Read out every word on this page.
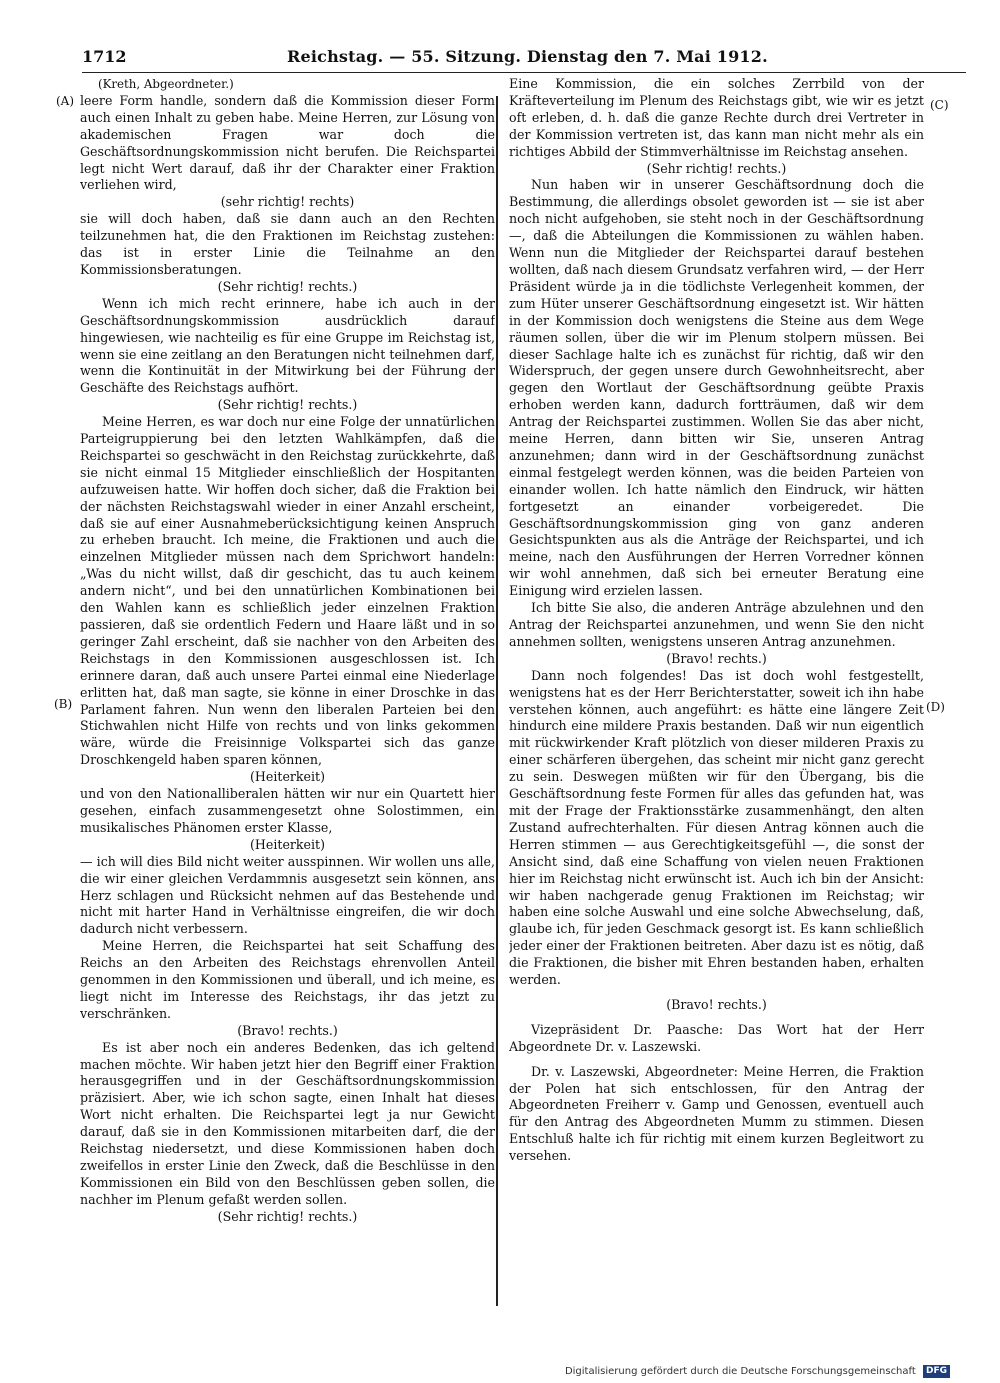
1712	Reichstag. — 55. Sitzung. Dienstag den 7. Mai 1912.
(A)
(B)
(C)
(D)

(Kreth, Abgeordneter.)

leere Form handle, sondern daß die Kommission dieser Form auch einen Inhalt zu geben habe. Meine Herren, zur Lösung von akademischen Fragen war doch die Geschäftsordnungskommission nicht berufen. Die Reichspartei legt nicht Wert darauf, daß ihr der Charakter einer Fraktion verliehen wird,

(sehr richtig! rechts)

sie will doch haben, daß sie dann auch an den Rechten teilzunehmen hat, die den Fraktionen im Reichstag zustehen: das ist in erster Linie die Teilnahme an den Kommissionsberatungen.

(Sehr richtig! rechts.)

Wenn ich mich recht erinnere, habe ich auch in der Geschäftsordnungskommission ausdrücklich darauf hingewiesen, wie nachteilig es für eine Gruppe im Reichstag ist, wenn sie eine zeitlang an den Beratungen nicht teilnehmen darf, wenn die Kontinuität in der Mitwirkung bei der Führung der Geschäfte des Reichstags aufhört.

(Sehr richtig! rechts.)

Meine Herren, es war doch nur eine Folge der unnatürlichen Parteigruppierung bei den letzten Wahlkämpfen, daß die Reichspartei so geschwächt in den Reichstag zurückkehrte, daß sie nicht einmal 15 Mitglieder einschließlich der Hospitanten aufzuweisen hatte. Wir hoffen doch sicher, daß die Fraktion bei der nächsten Reichstagswahl wieder in einer Anzahl erscheint, daß sie auf einer Ausnahmeberücksichtigung keinen Anspruch zu erheben braucht. Ich meine, die Fraktionen und auch die einzelnen Mitglieder müssen nach dem Sprichwort handeln: „Was du nicht willst, daß dir geschicht, das tu auch keinem andern nicht“, und bei den unnatürlichen Kombinationen bei den Wahlen kann es schließlich jeder einzelnen Fraktion passieren, daß sie ordentlich Federn und Haare läßt und in so geringer Zahl erscheint, daß sie nachher von den Arbeiten des Reichstags in den Kommissionen ausgeschlossen ist. Ich erinnere daran, daß auch unsere Partei einmal eine Niederlage erlitten hat, daß man sagte, sie könne in einer Droschke in das Parlament fahren. Nun wenn den liberalen Parteien bei den Stichwahlen nicht Hilfe von rechts und von links gekommen wäre, würde die Freisinnige Volkspartei sich das ganze Droschkengeld haben sparen können,

(Heiterkeit)

und von den Nationalliberalen hätten wir nur ein Quartett hier gesehen, einfach zusammengesetzt ohne Solostimmen, ein musikalisches Phänomen erster Klasse,

(Heiterkeit)

— ich will dies Bild nicht weiter ausspinnen. Wir wollen uns alle, die wir einer gleichen Verdammnis ausgesetzt sein können, ans Herz schlagen und Rücksicht nehmen auf das Bestehende und nicht mit harter Hand in Verhältnisse eingreifen, die wir doch dadurch nicht verbessern.

Meine Herren, die Reichspartei hat seit Schaffung des Reichs an den Arbeiten des Reichstags ehrenvollen Anteil genommen in den Kommissionen und überall, und ich meine, es liegt nicht im Interesse des Reichstags, ihr das jetzt zu verschränken.

(Bravo! rechts.)

Es ist aber noch ein anderes Bedenken, das ich geltend machen möchte. Wir haben jetzt hier den Begriff einer Fraktion herausgegriffen und in der Geschäftsordnungskommission präzisiert. Aber, wie ich schon sagte, einen Inhalt hat dieses Wort nicht erhalten. Die Reichspartei legt ja nur Gewicht darauf, daß sie in den Kommissionen mitarbeiten darf, die der Reichstag niedersetzt, und diese Kommissionen haben doch zweifellos in erster Linie den Zweck, daß die Beschlüsse in den Kommissionen ein Bild von den Beschlüssen geben sollen, die nachher im Plenum gefaßt werden sollen.

(Sehr richtig! rechts.)

Eine Kommission, die ein solches Zerrbild von der Kräfteverteilung im Plenum des Reichstags gibt, wie wir es jetzt oft erleben, d. h. daß die ganze Rechte durch drei Vertreter in der Kommission vertreten ist, das kann man nicht mehr als ein richtiges Abbild der Stimmverhältnisse im Reichstag ansehen.

(Sehr richtig! rechts.)

Nun haben wir in unserer Geschäftsordnung doch die Bestimmung, die allerdings obsolet geworden ist — sie ist aber noch nicht aufgehoben, sie steht noch in der Geschäftsordnung —, daß die Abteilungen die Kommissionen zu wählen haben. Wenn nun die Mitglieder der Reichspartei darauf bestehen wollten, daß nach diesem Grundsatz verfahren wird, — der Herr Präsident würde ja in die tödlichste Verlegenheit kommen, der zum Hüter unserer Geschäftsordnung eingesetzt ist. Wir hätten in der Kommission doch wenigstens die Steine aus dem Wege räumen sollen, über die wir im Plenum stolpern müssen. Bei dieser Sachlage halte ich es zunächst für richtig, daß wir den Widerspruch, der gegen unsere durch Gewohnheitsrecht, aber gegen den Wortlaut der Geschäftsordnung geübte Praxis erhoben werden kann, dadurch fortträumen, daß wir dem Antrag der Reichspartei zustimmen. Wollen Sie das aber nicht, meine Herren, dann bitten wir Sie, unseren Antrag anzunehmen; dann wird in der Geschäftsordnung zunächst einmal festgelegt werden können, was die beiden Parteien von einander wollen. Ich hatte nämlich den Eindruck, wir hätten fortgesetzt an einander vorbeigeredet. Die Geschäftsordnungskommission ging von ganz anderen Gesichtspunkten aus als die Anträge der Reichspartei, und ich meine, nach den Ausführungen der Herren Vorredner können wir wohl annehmen, daß sich bei erneuter Beratung eine Einigung wird erzielen lassen.

Ich bitte Sie also, die anderen Anträge abzulehnen und den Antrag der Reichspartei anzunehmen, und wenn Sie den nicht annehmen sollten, wenigstens unseren Antrag anzunehmen.

(Bravo! rechts.)

Dann noch folgendes! Das ist doch wohl festgestellt, wenigstens hat es der Herr Berichterstatter, soweit ich ihn habe verstehen können, auch angeführt: es hätte eine längere Zeit hindurch eine mildere Praxis bestanden. Daß wir nun eigentlich mit rückwirkender Kraft plötzlich von dieser milderen Praxis zu einer schärferen übergehen, das scheint mir nicht ganz gerecht zu sein. Deswegen müßten wir für den Übergang, bis die Geschäftsordnung feste Formen für alles das gefunden hat, was mit der Frage der Fraktionsstärke zusammenhängt, den alten Zustand aufrechterhalten. Für diesen Antrag können auch die Herren stimmen — aus Gerechtigkeitsgefühl —, die sonst der Ansicht sind, daß eine Schaffung von vielen neuen Fraktionen hier im Reichstag nicht erwünscht ist. Auch ich bin der Ansicht: wir haben nachgerade genug Fraktionen im Reichstag; wir haben eine solche Auswahl und eine solche Abwechselung, daß, glaube ich, für jeden Geschmack gesorgt ist. Es kann schließlich jeder einer der Fraktionen beitreten. Aber dazu ist es nötig, daß die Fraktionen, die bisher mit Ehren bestanden haben, erhalten werden.

(Bravo! rechts.)

Vizepräsident Dr. Paasche: Das Wort hat der Herr Abgeordnete Dr. v. Laszewski.

Dr. v. Laszewski, Abgeordneter: Meine Herren, die Fraktion der Polen hat sich entschlossen, für den Antrag der Abgeordneten Freiherr v. Gamp und Genossen, eventuell auch für den Antrag des Abgeordneten Mumm zu stimmen. Diesen Entschluß halte ich für richtig mit einem kurzen Begleitwort zu versehen.

Digitalisierung gefördert durch die Deutsche Forschungsgemeinschaft DFG
